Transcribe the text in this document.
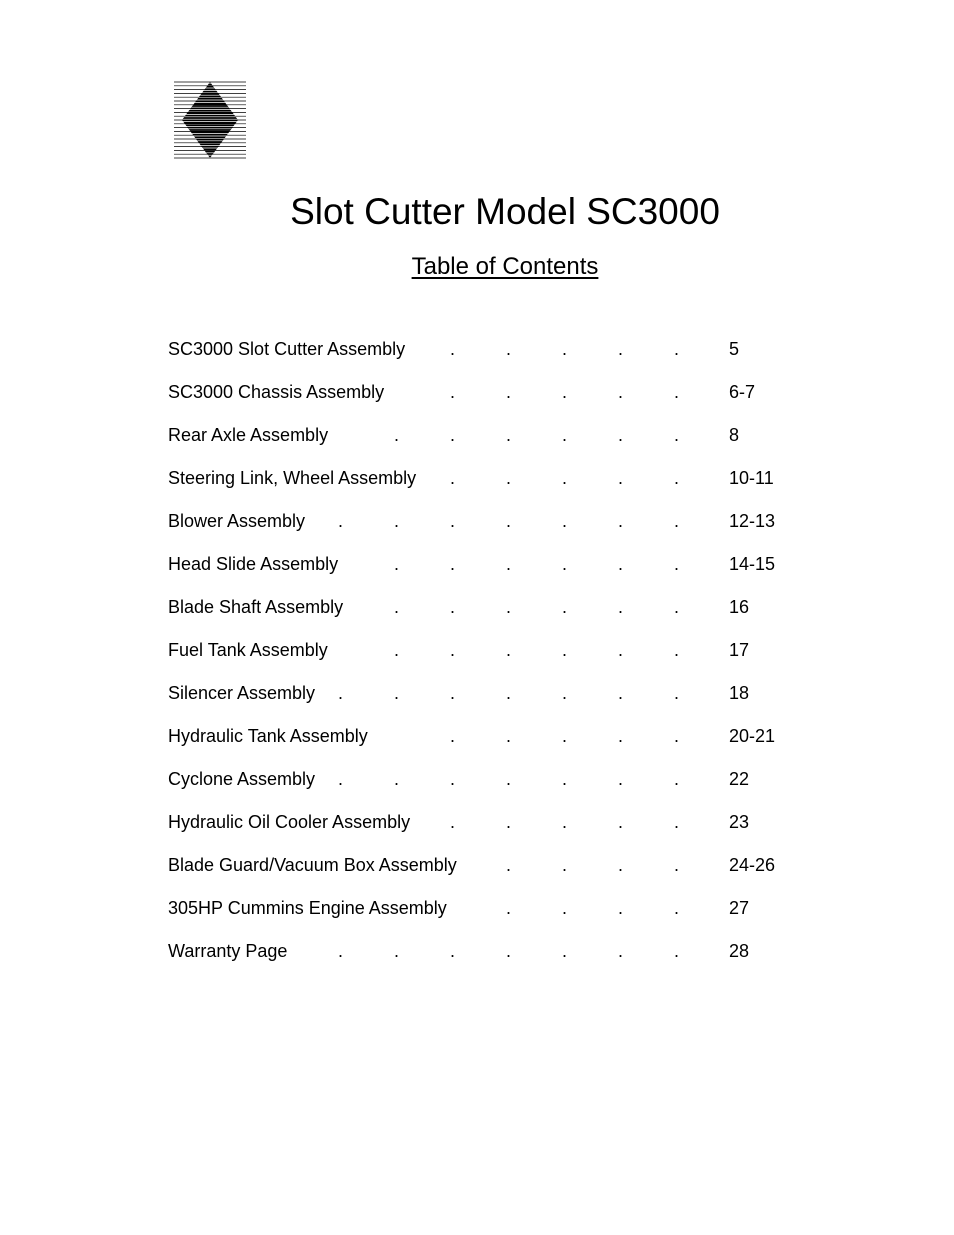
Slot Cutter Model SC3000
Table of Contents
SC3000 Slot Cutter Assembly .	.	.	.	.	5
SC3000 Chassis Assembly	.	.	.	.	.	6-7
Rear Axle Assembly	.	.	.	.	.	.	8
Steering Link, Wheel Assembly .	.	.	.	.	10-11
Blower Assembly .	.	.	.	.	.	.	12-13
Head Slide Assembly	.	.	.	.	.	.	14-15
Blade Shaft Assembly	.	.	.	.	.	.	16
Fuel Tank Assembly	.	.	.	.	.	.	17
Silencer Assembly .	.	.	.	.	.	.	18
Hydraulic Tank Assembly	.	.	.	.	.	20-21
Cyclone Assembly .	.	.	.	.	.	.	22
Hydraulic Oil Cooler Assembly .	.	.	.	.	23
Blade Guard/Vacuum Box Assembly	.	.	.	.	24-26
305HP Cummins Engine Assembly	.	.	.	.	27
Warranty Page	.	.	.	.	.	.	.	28
